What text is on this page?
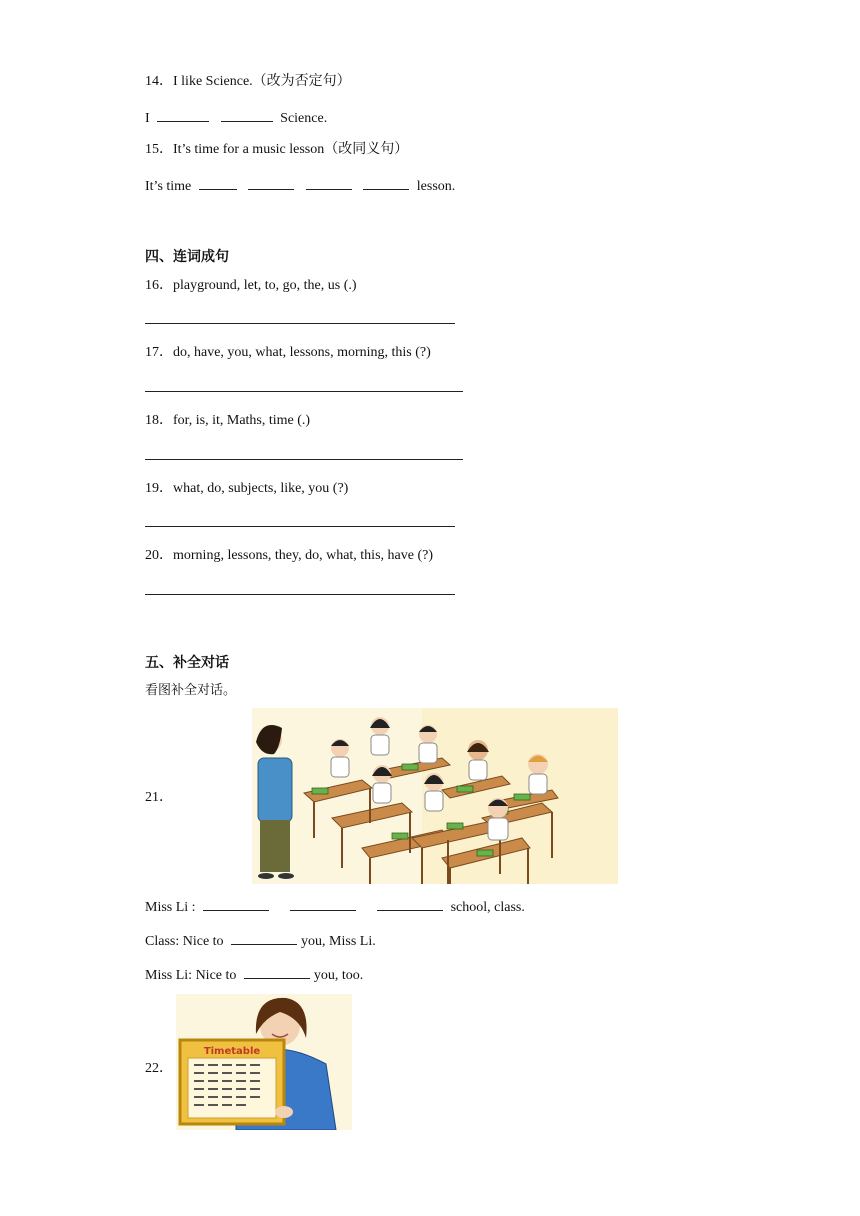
14．I like Science.（改为否定句）
I	Science.
15．It’s time for a music lesson（改同义句）
It’s time	lesson.
四、连词成句
16．playground, let, to, go, the, us (.)
17．do, have, you, what, lessons, morning, this (?)
18．for, is, it, Maths, time (.)
19．what, do, subjects, like, you (?)
20．morning, lessons, they, do, what, this, have (?)
五、补全对话
看图补全对话。
21．
Miss Li :	school, class.
Class: Nice to	you, Miss Li.
Miss Li: Nice to	you, too.
22．
Timetable
